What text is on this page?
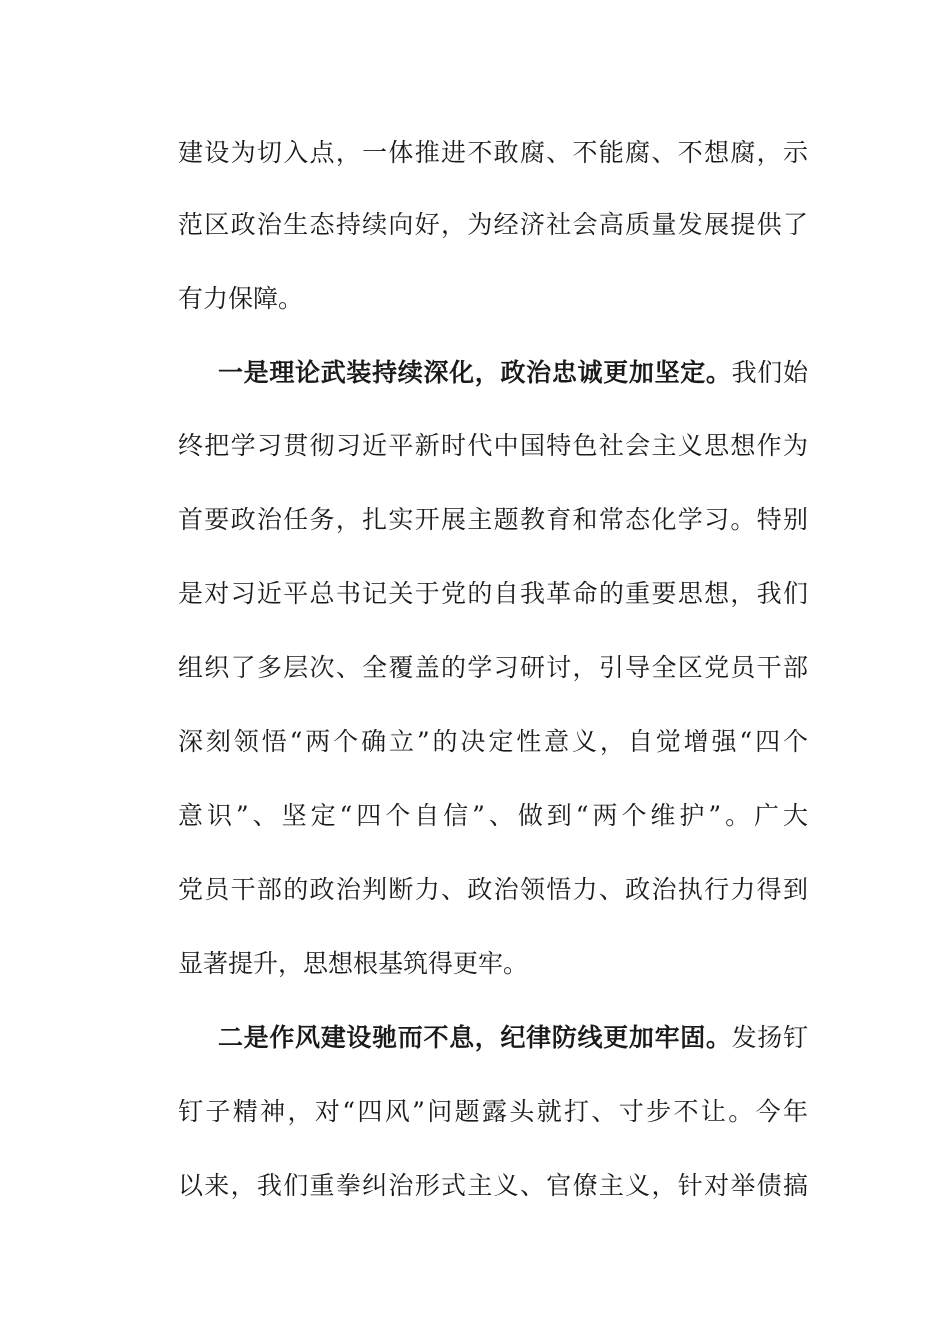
建设为切入点，一体推进不敢腐、不能腐、不想腐，示
范区政治生态持续向好，为经济社会高质量发展提供了
有力保障。
一是理论武装持续深化，政治忠诚更加坚定。我们始
终把学习贯彻习近平新时代中国特色社会主义思想作为
首要政治任务，扎实开展主题教育和常态化学习。特别
是对习近平总书记关于党的自我革命的重要思想，我们
组织了多层次、全覆盖的学习研讨，引导全区党员干部
深刻领悟“两个确立”的决定性意义，自觉增强“四个
意识”、坚定“四个自信”、做到“两个维护”。广大
党员干部的政治判断力、政治领悟力、政治执行力得到
显著提升，思想根基筑得更牢。
二是作风建设驰而不息，纪律防线更加牢固。发扬钉
钉子精神，对“四风”问题露头就打、寸步不让。今年
以来，我们重拳纠治形式主义、官僚主义，针对举债搞
